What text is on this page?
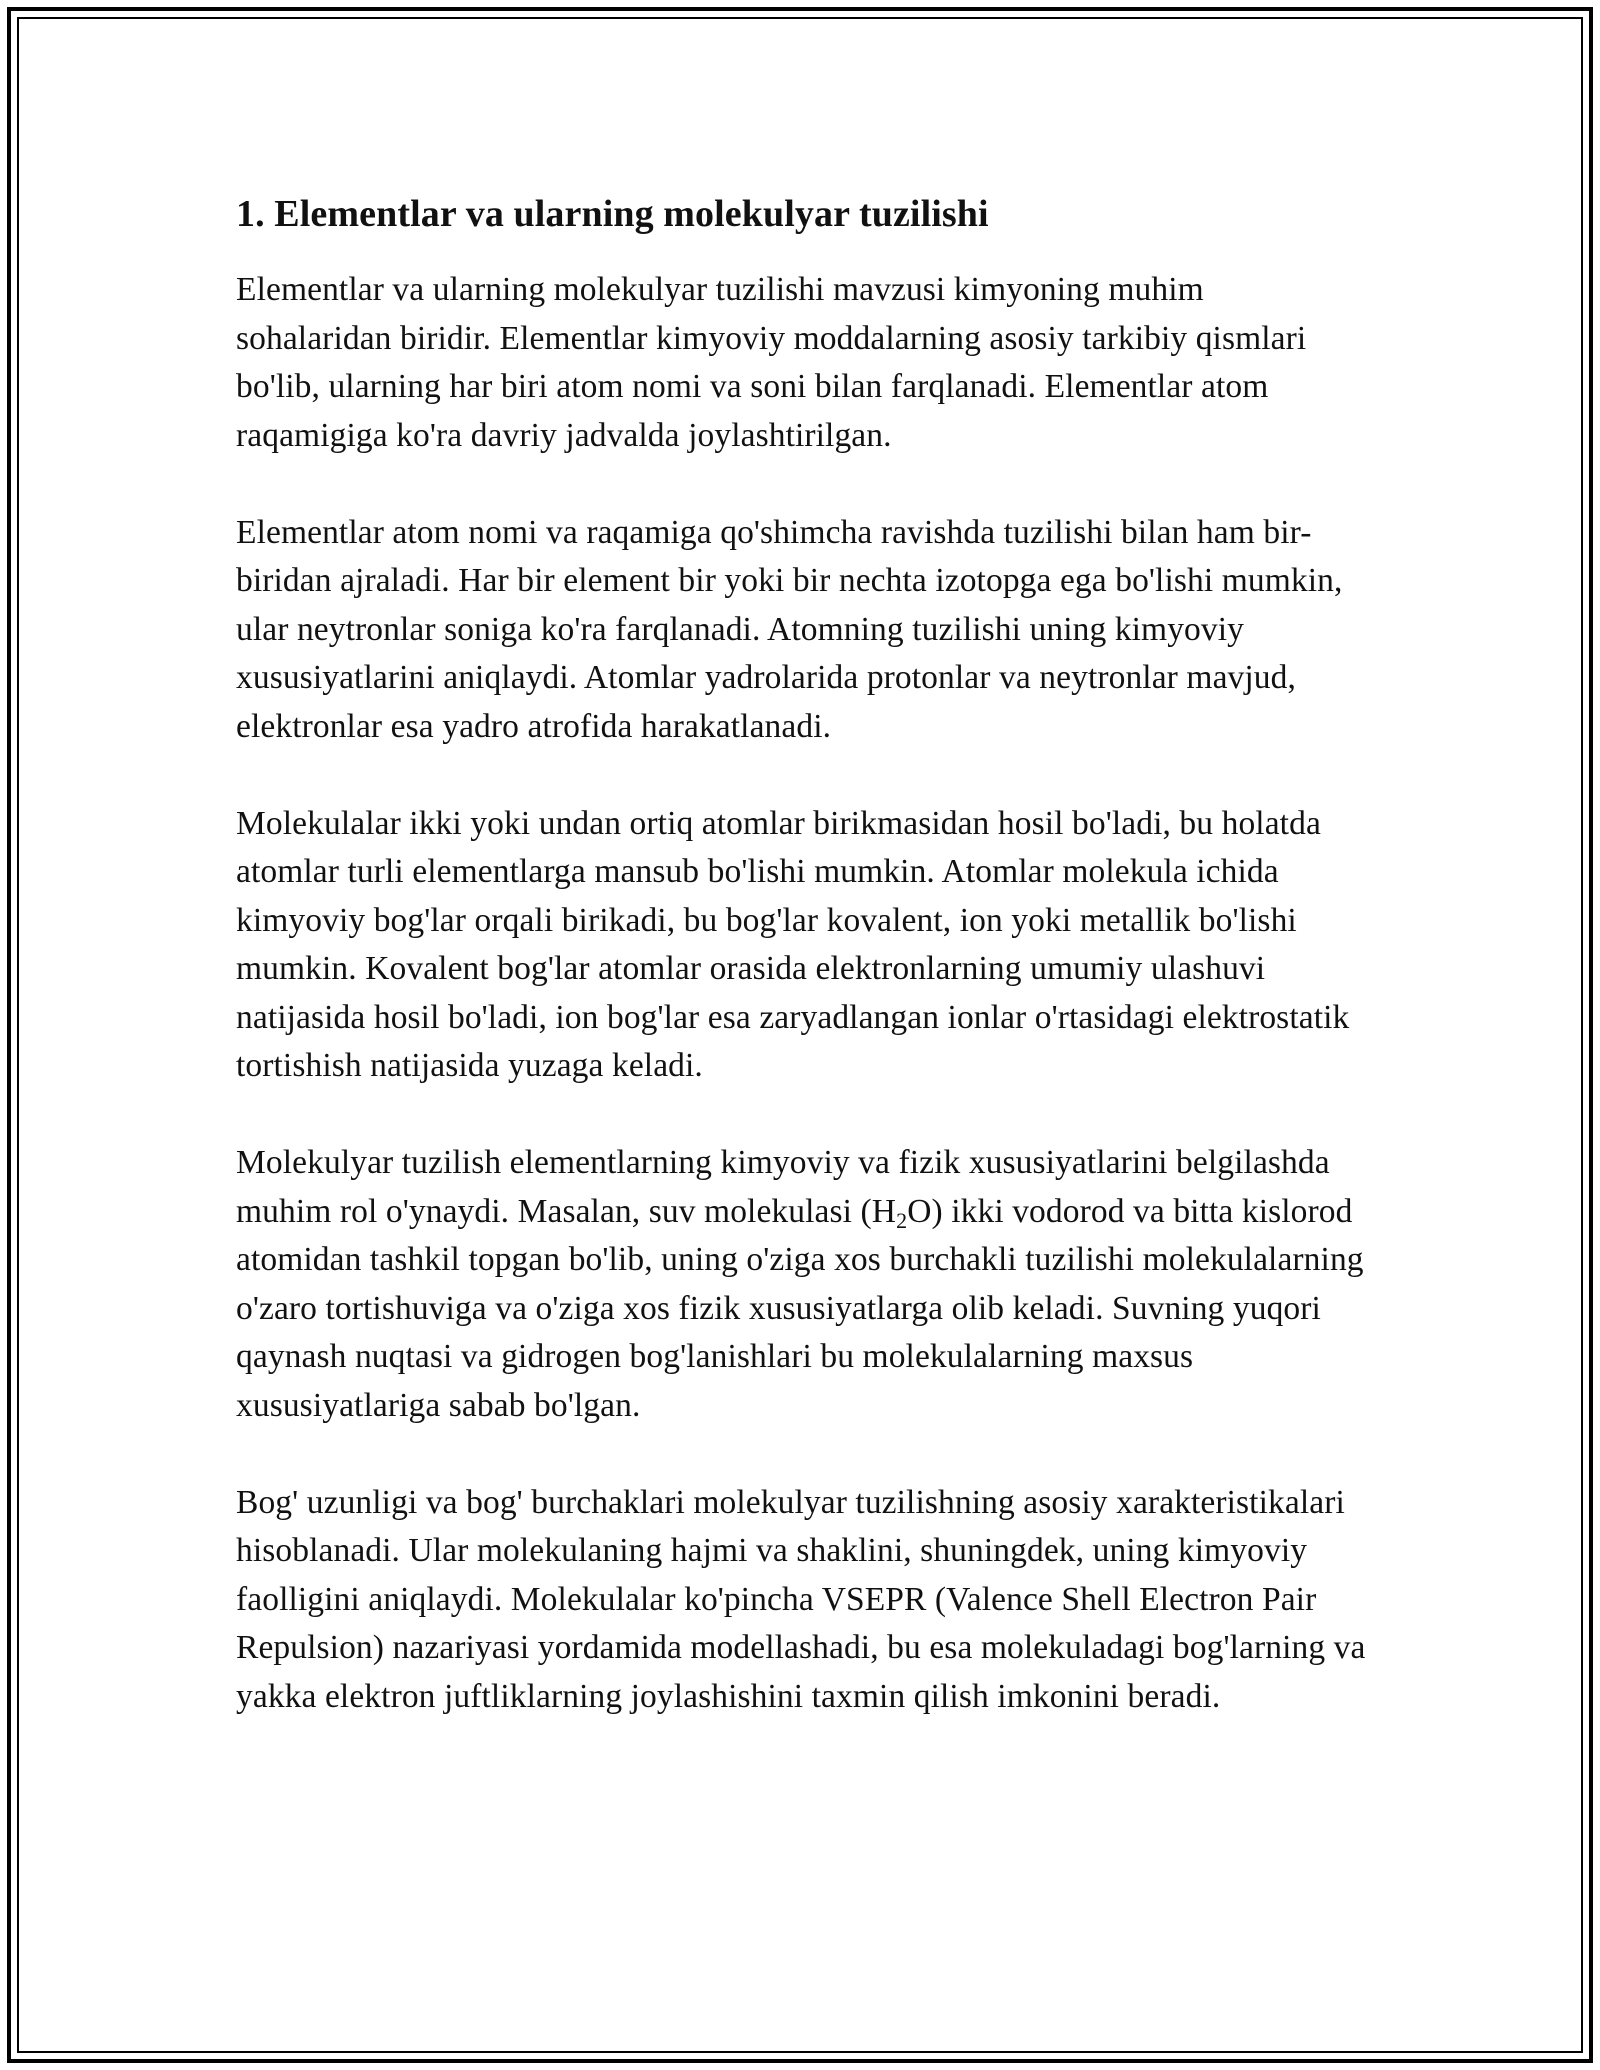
1. Elementlar va ularning molekulyar tuzilishi

Elementlar va ularning molekulyar tuzilishi mavzusi kimyoning muhim sohalaridan biridir. Elementlar kimyoviy moddalarning asosiy tarkibiy qismlari bo'lib, ularning har biri atom nomi va soni bilan farqlanadi. Elementlar atom raqamigiga ko'ra davriy jadvalda joylashtirilgan.

Elementlar atom nomi va raqamiga qo'shimcha ravishda tuzilishi bilan ham bir-biridan ajraladi. Har bir element bir yoki bir nechta izotopga ega bo'lishi mumkin, ular neytronlar soniga ko'ra farqlanadi. Atomning tuzilishi uning kimyoviy xususiyatlarini aniqlaydi. Atomlar yadrolarida protonlar va neytronlar mavjud, elektronlar esa yadro atrofida harakatlanadi.

Molekulalar ikki yoki undan ortiq atomlar birikmasidan hosil bo'ladi, bu holatda atomlar turli elementlarga mansub bo'lishi mumkin. Atomlar molekula ichida kimyoviy bog'lar orqali birikadi, bu bog'lar kovalent, ion yoki metallik bo'lishi mumkin. Kovalent bog'lar atomlar orasida elektronlarning umumiy ulashuvi natijasida hosil bo'ladi, ion bog'lar esa zaryadlangan ionlar o'rtasidagi elektrostatik tortishish natijasida yuzaga keladi.

Molekulyar tuzilish elementlarning kimyoviy va fizik xususiyatlarini belgilashda muhim rol o'ynaydi. Masalan, suv molekulasi $(H_2O)$ ikki vodorod va bitta kislorod atomidan tashkil topgan bo'lib, uning o'ziga xos burchakli tuzilishi molekulalarning o'zaro tortishuviga va o'ziga xos fizik xususiyatlarga olib keladi. Suvning yuqori qaynash nuqtasi va gidrogen bog'lanishlari bu molekulalarning maxsus xususiyatlariga sabab bo'lgan.

Bog' uzunligi va bog' burchaklari molekulyar tuzilishning asosiy xarakteristikalari hisoblanadi. Ular molekulaning hajmi va shaklini, shuningdek, uning kimyoviy faolligini aniqlaydi. Molekulalar ko'pincha VSEPR (Valence Shell Electron Pair Repulsion) nazariyasi yordamida modellashadi, bu esa molekuladagi bog'larning va yakka elektron juftliklarning joylashishini taxmin qilish imkonini beradi.
